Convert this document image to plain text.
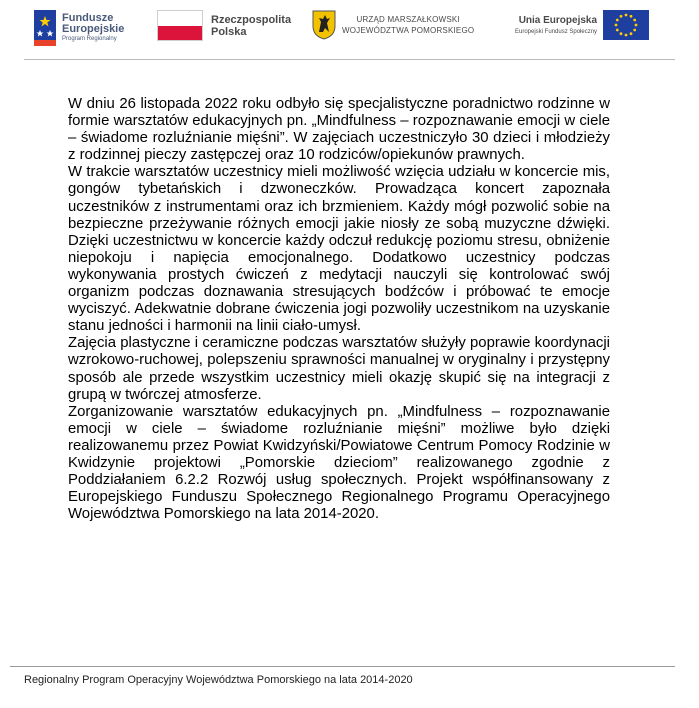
Fundusze
Europejskie
Program Regionalny
Rzeczpospolita
Polska
URZĄD MARSZAŁKOWSKI
WOJEWÓDZTWA POMORSKIEGO
Unia Europejska
Europejski Fundusz Społeczny

W dniu 26 listopada 2022 roku odbyło się specjalistyczne poradnictwo rodzinne w formie warsztatów edukacyjnych pn. „Mindfulness – rozpoznawanie emocji w ciele – świadome rozluźnianie mięśni”. W zajęciach uczestniczyło 30 dzieci i młodzieży z rodzinnej pieczy zastępczej oraz 10 rodziców/opiekunów prawnych.

W trakcie warsztatów uczestnicy mieli możliwość wzięcia udziału w koncercie mis, gongów tybetańskich i dzwoneczków. Prowadząca koncert zapoznała uczestników z instrumentami oraz ich brzmieniem. Każdy mógł pozwolić sobie na bezpieczne przeżywanie różnych emocji jakie niosły ze sobą muzyczne dźwięki. Dzięki uczestnictwu w koncercie każdy odczuł redukcję poziomu stresu, obniżenie niepokoju i napięcia emocjonalnego. Dodatkowo uczestnicy podczas wykonywania prostych ćwiczeń z medytacji nauczyli się kontrolować swój organizm podczas doznawania stresujących bodźców i próbować te emocje wyciszyć. Adekwatnie dobrane ćwiczenia jogi pozwoliły uczestnikom na uzyskanie stanu jedności i harmonii na linii ciało-umysł.

Zajęcia plastyczne i ceramiczne podczas warsztatów służyły poprawie koordynacji wzrokowo-ruchowej, polepszeniu sprawności manualnej w oryginalny i przystępny sposób ale przede wszystkim uczestnicy mieli okazję skupić się na integracji z grupą w twórczej atmosferze.

Zorganizowanie warsztatów edukacyjnych pn. „Mindfulness – rozpoznawanie emocji w ciele – świadome rozluźnianie mięśni” możliwe było dzięki realizowanemu przez Powiat Kwidzyński/Powiatowe Centrum Pomocy Rodzinie w Kwidzynie projektowi „Pomorskie dzieciom” realizowanego zgodnie z Poddziałaniem 6.2.2 Rozwój usług społecznych. Projekt współfinansowany z Europejskiego Funduszu Społecznego Regionalnego Programu Operacyjnego Województwa Pomorskiego na lata 2014-2020.

Regionalny Program Operacyjny Województwa Pomorskiego na lata 2014-2020
